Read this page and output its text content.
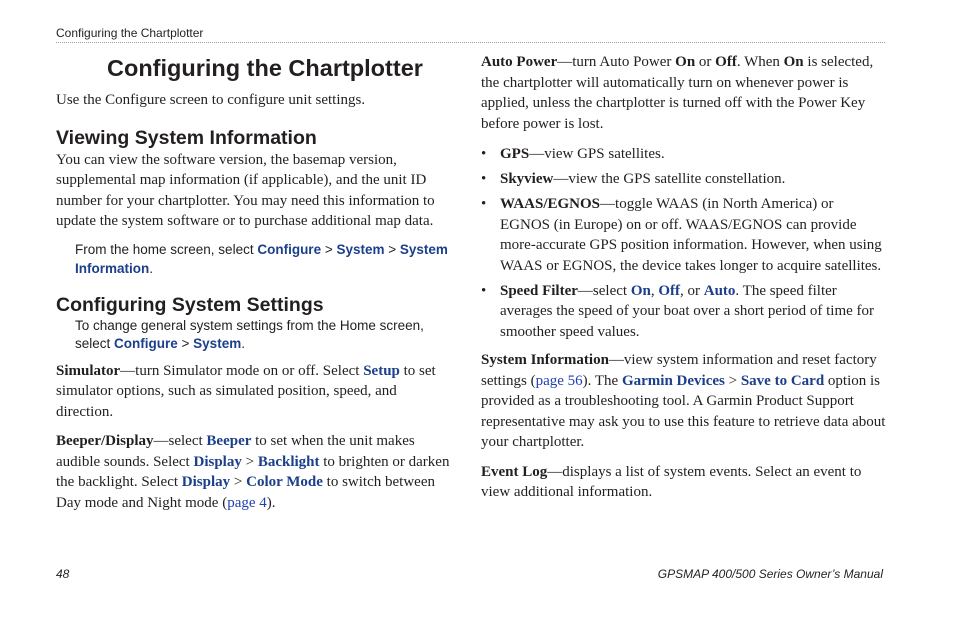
Configuring the Chartplotter
Configuring the Chartplotter

Use the Configure screen to configure unit settings.

Viewing System Information

You can view the software version, the basemap version, supplemental map information (if applicable), and the unit ID number for your chartplotter. You may need this information to update the system software or to purchase additional map data.

From the home screen, select Configure > System > System Information.

Configuring System Settings

To change general system settings from the Home screen, select Configure > System.

Simulator—turn Simulator mode on or off. Select Setup to set simulator options, such as simulated position, speed, and direction.

Beeper/Display—select Beeper to set when the unit makes audible sounds. Select Display > Backlight to brighten or darken the backlight. Select Display > Color Mode to switch between Day mode and Night mode (page 4).

Auto Power—turn Auto Power On or Off. When On is selected, the chartplotter will automatically turn on whenever power is applied, unless the chartplotter is turned off with the Power Key before power is lost.

• GPS—view GPS satellites.
• Skyview—view the GPS satellite constellation.
• WAAS/EGNOS—toggle WAAS (in North America) or EGNOS (in Europe) on or off. WAAS/EGNOS can provide more-accurate GPS position information. However, when using WAAS or EGNOS, the device takes longer to acquire satellites.
• Speed Filter—select On, Off, or Auto. The speed filter averages the speed of your boat over a short period of time for smoother speed values.

System Information—view system information and reset factory settings (page 56). The Garmin Devices > Save to Card option is provided as a troubleshooting tool. A Garmin Product Support representative may ask you to use this feature to retrieve data about your chartplotter.

Event Log—displays a list of system events. Select an event to view additional information.

48	GPSMAP 400/500 Series Owner’s Manual
